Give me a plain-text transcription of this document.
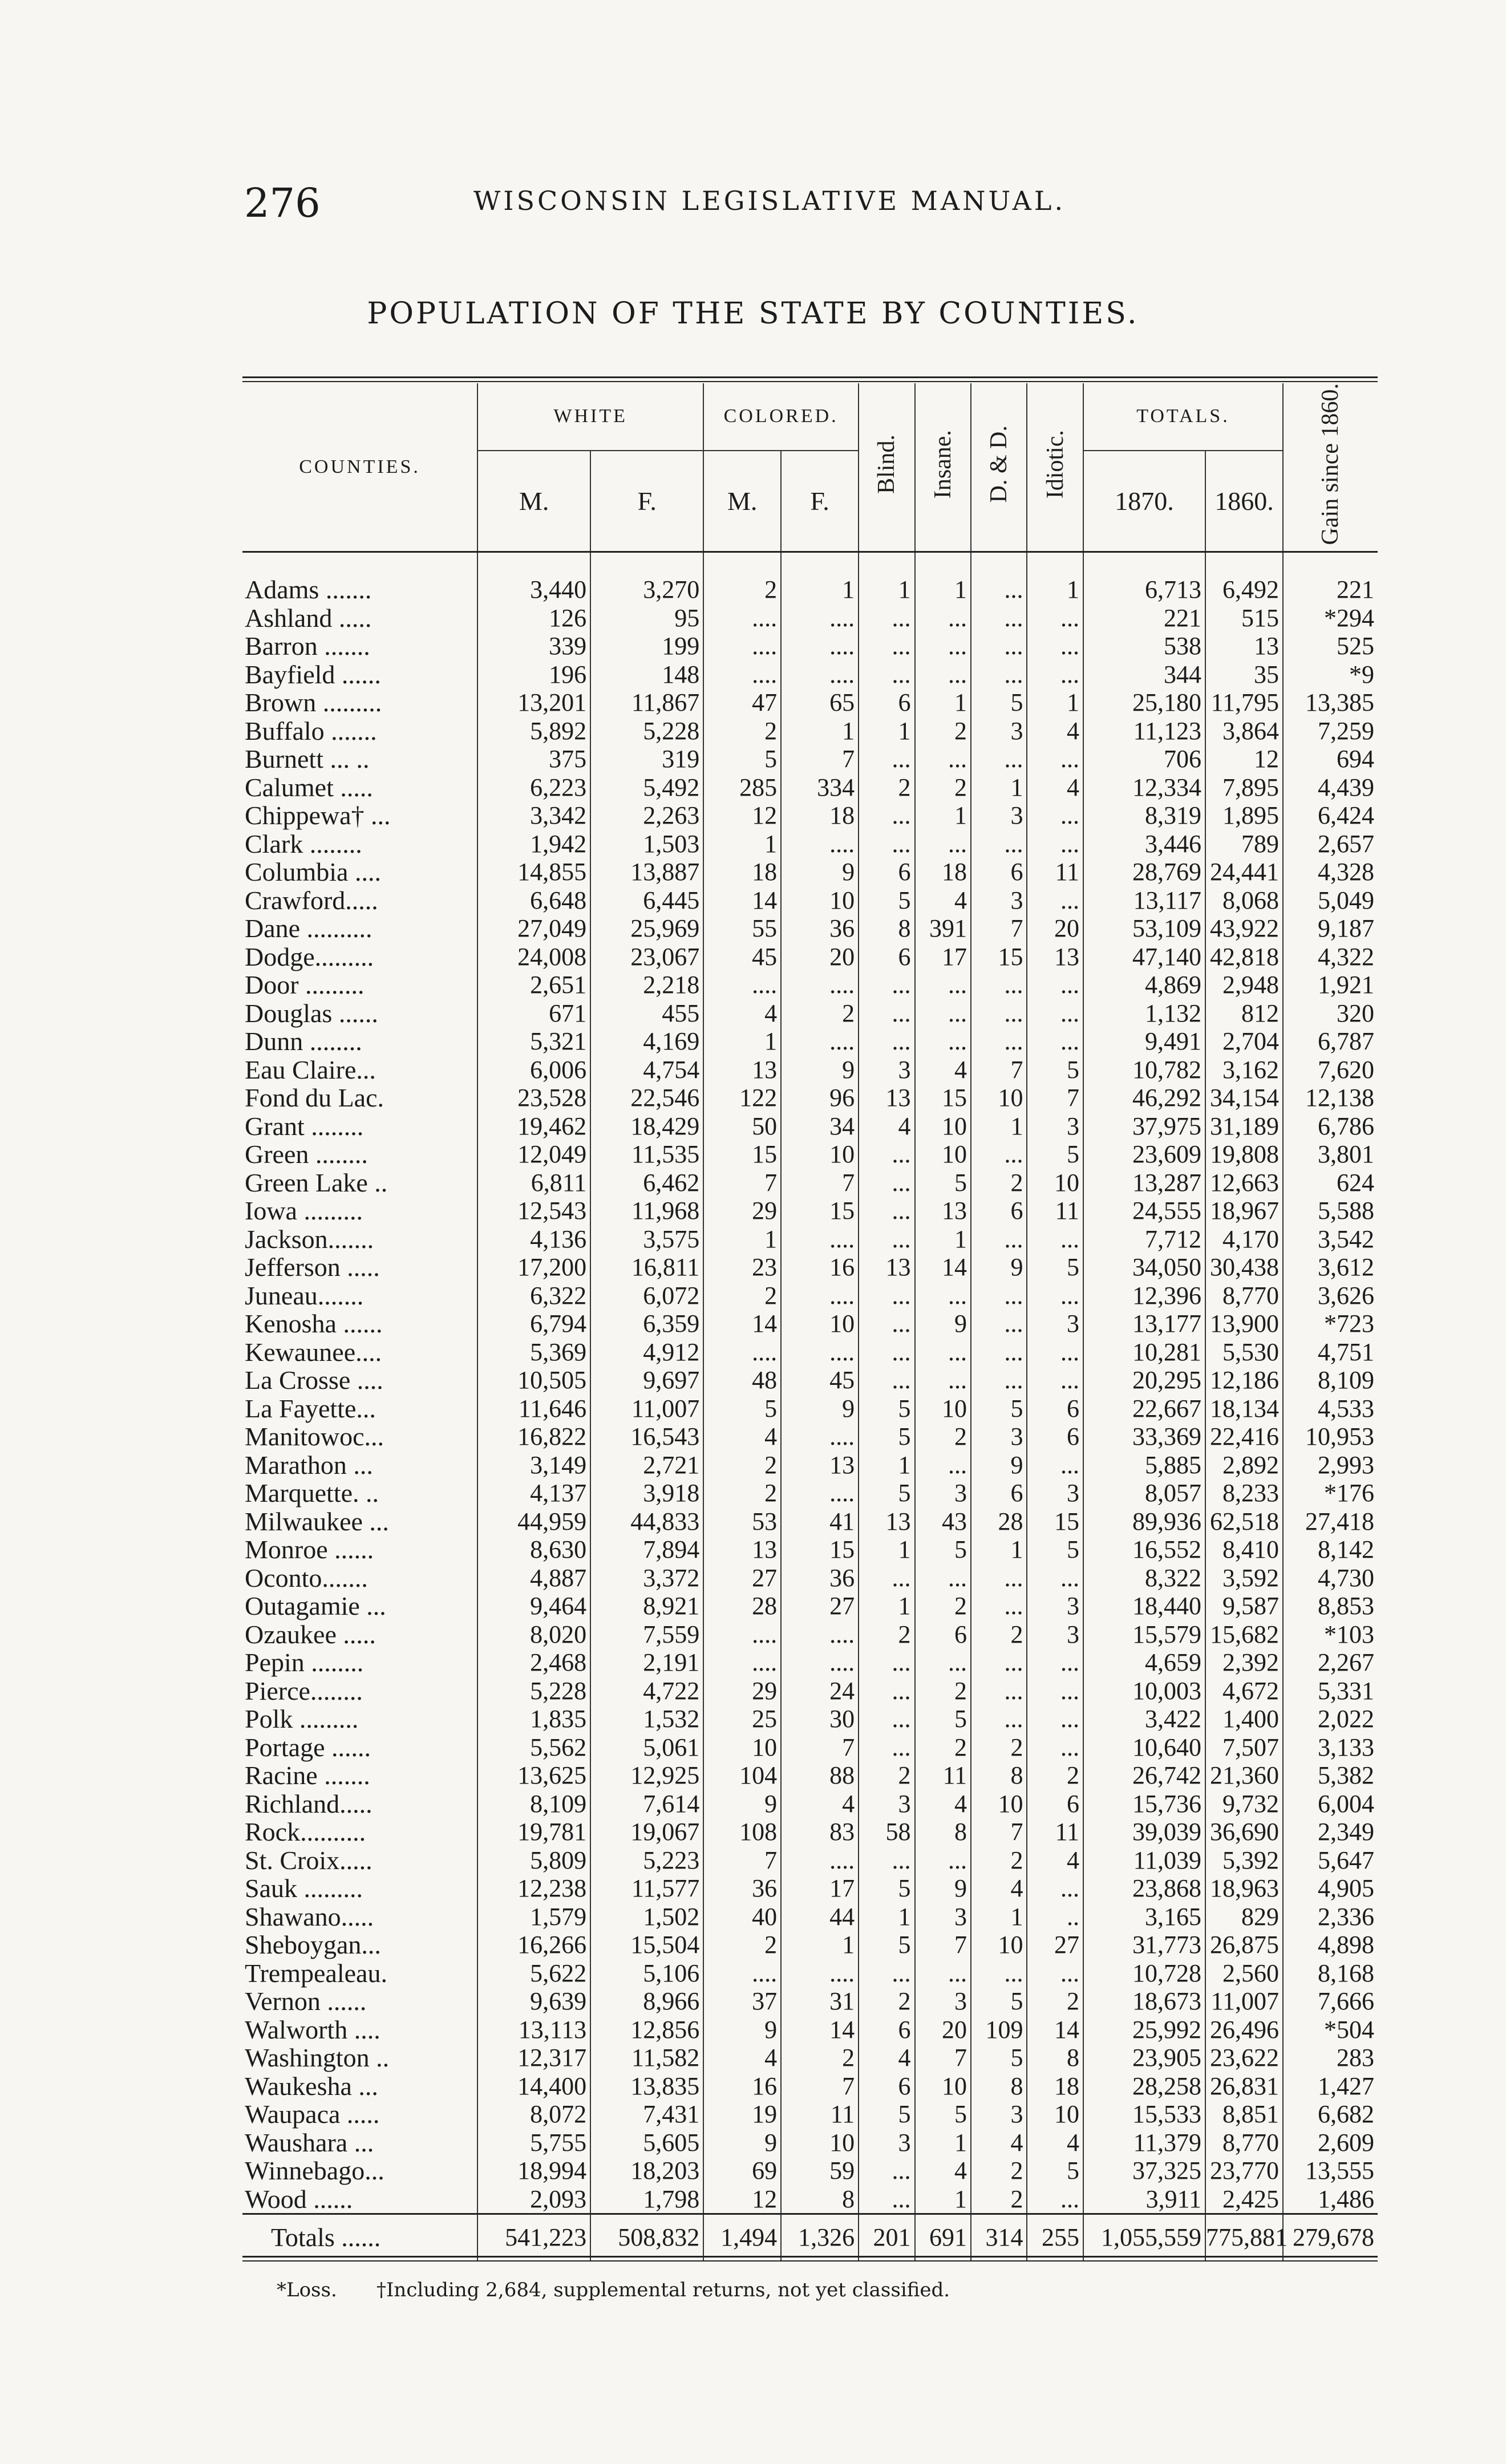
276	WISCONSIN LEGISLATIVE MANUAL.
POPULATION OF THE STATE BY COUNTIES.
COUNTIES.	WHITE		COLORED.		Blind.	Insane.	D. & D.	Idiotic.	TOTALS.		Gain since 1860.
	M.	F.	M.	F.					1870.	1860.	

Adams .......	3,440	3,270	2	1	1	1	...	1	6,713	6,492	221
Ashland .....	126	95	....	....	...	...	...	...	221	515	*294
Barron .......	339	199	....	....	...	...	...	...	538	13	525
Bayfield ......	196	148	....	....	...	...	...	...	344	35	*9
Brown .........	13,201	11,867	47	65	6	1	5	1	25,180	11,795	13,385
Buffalo .......	5,892	5,228	2	1	1	2	3	4	11,123	3,864	7,259
Burnett ... ..	375	319	5	7	...	...	...	...	706	12	694
Calumet .....	6,223	5,492	285	334	2	2	1	4	12,334	7,895	4,439
Chippewa† ...	3,342	2,263	12	18	...	1	3	...	8,319	1,895	6,424
Clark ........	1,942	1,503	1	....	...	...	...	...	3,446	789	2,657
Columbia ....	14,855	13,887	18	9	6	18	6	11	28,769	24,441	4,328
Crawford.....	6,648	6,445	14	10	5	4	3	...	13,117	8,068	5,049
Dane ..........	27,049	25,969	55	36	8	391	7	20	53,109	43,922	9,187
Dodge.........	24,008	23,067	45	20	6	17	15	13	47,140	42,818	4,322
Door .........	2,651	2,218	....	....	...	...	...	...	4,869	2,948	1,921
Douglas ......	671	455	4	2	...	...	...	...	1,132	812	320
Dunn ........	5,321	4,169	1	....	...	...	...	...	9,491	2,704	6,787
Eau Claire...	6,006	4,754	13	9	3	4	7	5	10,782	3,162	7,620
Fond du Lac.	23,528	22,546	122	96	13	15	10	7	46,292	34,154	12,138
Grant ........	19,462	18,429	50	34	4	10	1	3	37,975	31,189	6,786
Green ........	12,049	11,535	15	10	...	10	...	5	23,609	19,808	3,801
Green Lake ..	6,811	6,462	7	7	...	5	2	10	13,287	12,663	624
Iowa .........	12,543	11,968	29	15	...	13	6	11	24,555	18,967	5,588
Jackson.......	4,136	3,575	1	....	...	1	...	...	7,712	4,170	3,542
Jefferson .....	17,200	16,811	23	16	13	14	9	5	34,050	30,438	3,612
Juneau.......	6,322	6,072	2	....	...	...	...	...	12,396	8,770	3,626
Kenosha ......	6,794	6,359	14	10	...	9	...	3	13,177	13,900	*723
Kewaunee....	5,369	4,912	....	....	...	...	...	...	10,281	5,530	4,751
La Crosse ....	10,505	9,697	48	45	...	...	...	...	20,295	12,186	8,109
La Fayette...	11,646	11,007	5	9	5	10	5	6	22,667	18,134	4,533
Manitowoc...	16,822	16,543	4	....	5	2	3	6	33,369	22,416	10,953
Marathon ...	3,149	2,721	2	13	1	...	9	...	5,885	2,892	2,993
Marquette. ..	4,137	3,918	2	....	5	3	6	3	8,057	8,233	*176
Milwaukee ...	44,959	44,833	53	41	13	43	28	15	89,936	62,518	27,418
Monroe ......	8,630	7,894	13	15	1	5	1	5	16,552	8,410	8,142
Oconto.......	4,887	3,372	27	36	...	...	...	...	8,322	3,592	4,730
Outagamie ...	9,464	8,921	28	27	1	2	...	3	18,440	9,587	8,853
Ozaukee .....	8,020	7,559	....	....	2	6	2	3	15,579	15,682	*103
Pepin ........	2,468	2,191	....	....	...	...	...	...	4,659	2,392	2,267
Pierce........	5,228	4,722	29	24	...	2	...	...	10,003	4,672	5,331
Polk .........	1,835	1,532	25	30	...	5	...	...	3,422	1,400	2,022
Portage ......	5,562	5,061	10	7	...	2	2	...	10,640	7,507	3,133
Racine .......	13,625	12,925	104	88	2	11	8	2	26,742	21,360	5,382
Richland.....	8,109	7,614	9	4	3	4	10	6	15,736	9,732	6,004
Rock..........	19,781	19,067	108	83	58	8	7	11	39,039	36,690	2,349
St. Croix.....	5,809	5,223	7	....	...	...	2	4	11,039	5,392	5,647
Sauk .........	12,238	11,577	36	17	5	9	4	...	23,868	18,963	4,905
Shawano.....	1,579	1,502	40	44	1	3	1	..	3,165	829	2,336
Sheboygan...	16,266	15,504	2	1	5	7	10	27	31,773	26,875	4,898
Trempealeau.	5,622	5,106	....	....	...	...	...	...	10,728	2,560	8,168
Vernon ......	9,639	8,966	37	31	2	3	5	2	18,673	11,007	7,666
Walworth ....	13,113	12,856	9	14	6	20	109	14	25,992	26,496	*504
Washington ..	12,317	11,582	4	2	4	7	5	8	23,905	23,622	283
Waukesha ...	14,400	13,835	16	7	6	10	8	18	28,258	26,831	1,427
Waupaca .....	8,072	7,431	19	11	5	5	3	10	15,533	8,851	6,682
Waushara ...	5,755	5,605	9	10	3	1	4	4	11,379	8,770	2,609
Winnebago...	18,994	18,203	69	59	...	4	2	5	37,325	23,770	13,555
Wood ......	2,093	1,798	12	8	...	1	2	...	3,911	2,425	1,486
Totals ......	541,223	508,832	1,494	1,326	201	691	314	255	1,055,559	775,881	279,678
*Loss. †Including 2,684, supplemental returns, not yet classified.
